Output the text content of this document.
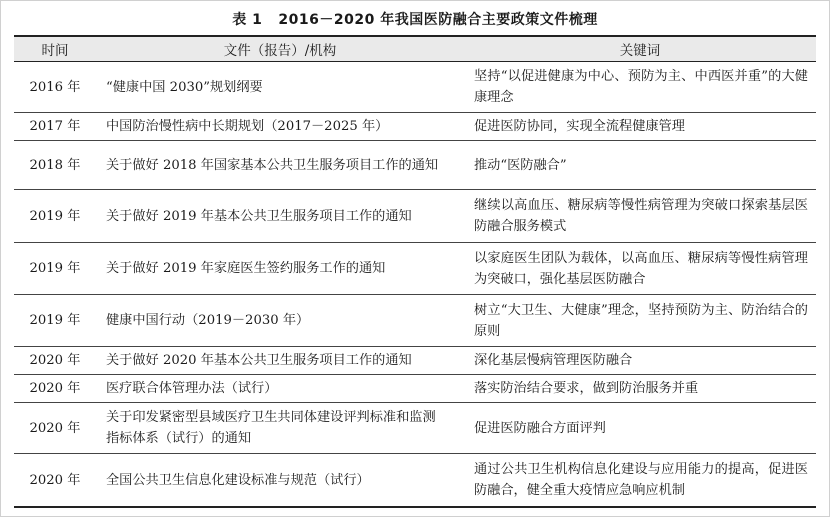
表 1 2016－2020 年我国医防融合主要政策文件梳理
时间	文件（报告）/机构	关键词
2016 年	“健康中国 2030”规划纲要	坚持“以促进健康为中心、预防为主、中西医并重”的大健康理念
2017 年	中国防治慢性病中长期规划（2017－2025 年）	促进医防协同，实现全流程健康管理
2018 年	关于做好 2018 年国家基本公共卫生服务项目工作的通知	推动“医防融合”
2019 年	关于做好 2019 年基本公共卫生服务项目工作的通知	继续以高血压、糖尿病等慢性病管理为突破口探索基层医防融合服务模式
2019 年	关于做好 2019 年家庭医生签约服务工作的通知	以家庭医生团队为载体，以高血压、糖尿病等慢性病管理为突破口，强化基层医防融合
2019 年	健康中国行动（2019－2030 年）	树立“大卫生、大健康”理念，坚持预防为主、防治结合的原则
2020 年	关于做好 2020 年基本公共卫生服务项目工作的通知	深化基层慢病管理医防融合
2020 年	医疗联合体管理办法（试行）	落实防治结合要求，做到防治服务并重
2020 年	关于印发紧密型县域医疗卫生共同体建设评判标准和监测指标体系（试行）的通知	促进医防融合方面评判
2020 年	全国公共卫生信息化建设标准与规范（试行）	通过公共卫生机构信息化建设与应用能力的提高，促进医防融合，健全重大疫情应急响应机制
